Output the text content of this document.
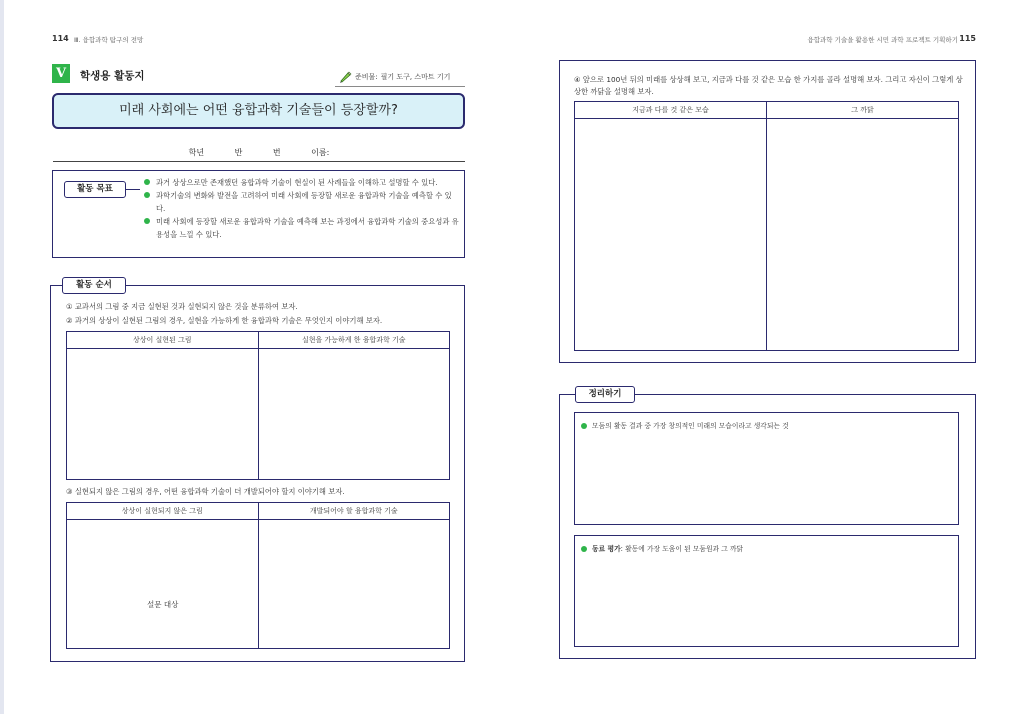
114 Ⅲ. 융합과학 탐구의 전망	융합과학 기술을 활용한 시민 과학 프로젝트 기획하기 115
V	학생용 활동지	준비물: 필기 도구, 스마트 기기
미래 사회에는 어떤 융합과학 기술들이 등장할까?
학년 반 번 이름:
활동 목표
과거 상상으로만 존재했던 융합과학 기술이 현실이 된 사례들을 이해하고 설명할 수 있다.
과학기술의 변화와 발전을 고려하여 미래 사회에 등장할 새로운 융합과학 기술을 예측할 수 있다.
미래 사회에 등장할 새로운 융합과학 기술을 예측해 보는 과정에서 융합과학 기술의 중요성과 유용성을 느낄 수 있다.
활동 순서
① 교과서의 그림 중 지금 실현된 것과 실현되지 않은 것을 분류하여 보자.
② 과거의 상상이 실현된 그림의 경우, 실현을 가능하게 한 융합과학 기술은 무엇인지 이야기해 보자.
상상이 실현된 그림	실현을 가능하게 한 융합과학 기술

③ 실현되지 않은 그림의 경우, 어떤 융합과학 기술이 더 개발되어야 할지 이야기해 보자.
상상이 실현되지 않은 그림	개발되어야 할 융합과학 기술
설문 대상	
④ 앞으로 100년 뒤의 미래를 상상해 보고, 지금과 다를 것 같은 모습 한 가지를 골라 설명해 보자. 그리고 자신이 그렇게 상상한 까닭을 설명해 보자.
지금과 다를 것 같은 모습	그 까닭

정리하기
모둠의 활동 결과 중 가장 창의적인 미래의 모습이라고 생각되는 것
동료 평가: 활동에 가장 도움이 된 모둠원과 그 까닭
